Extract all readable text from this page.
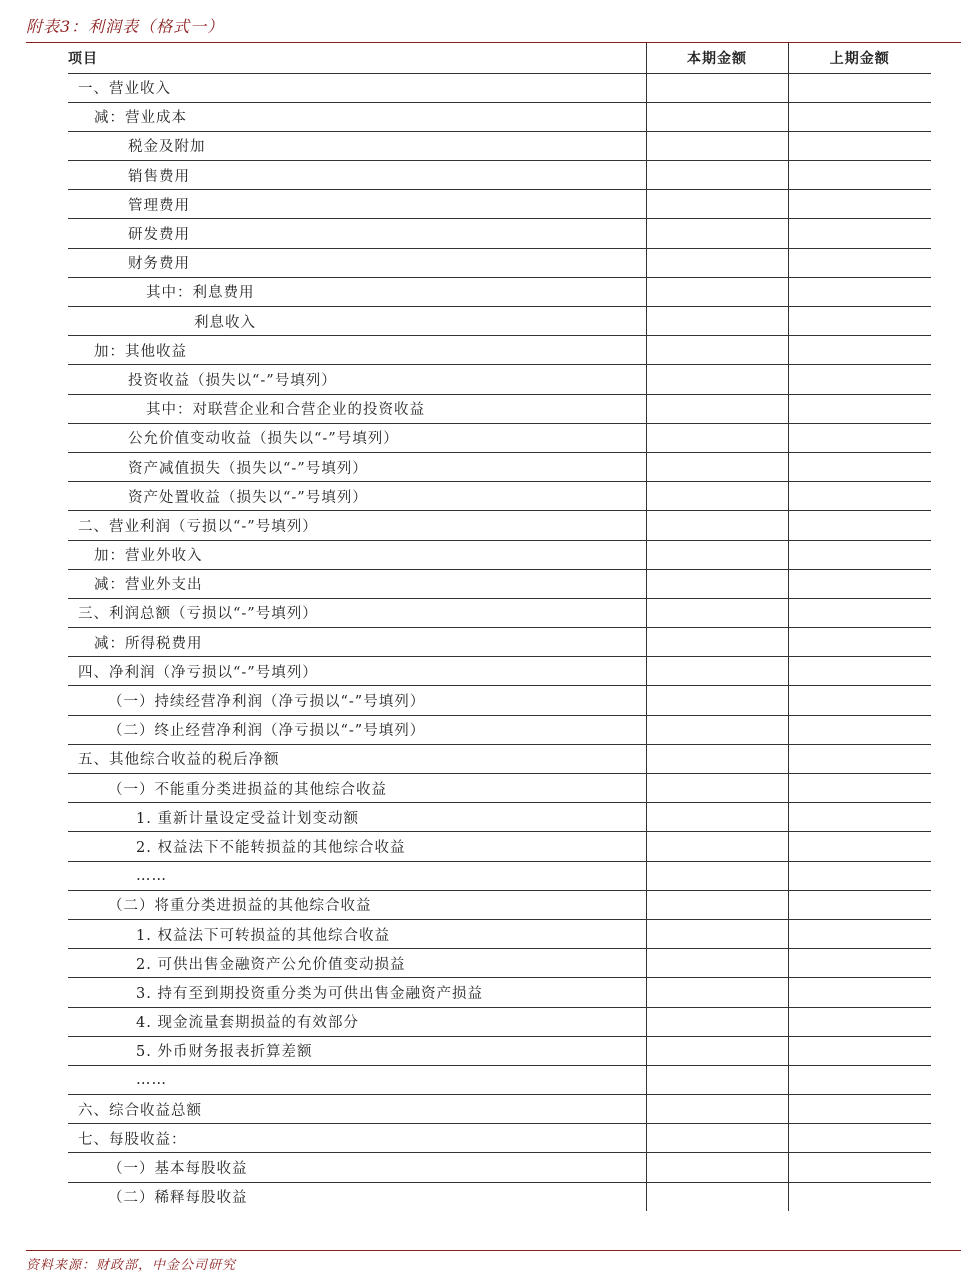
附表3：利润表（格式一）
项目	本期金额	上期金额
一、营业收入		
减：营业成本		
税金及附加		
销售费用		
管理费用		
研发费用		
财务费用		
其中：利息费用		
利息收入		
加：其他收益		
投资收益（损失以“-”号填列）		
其中：对联营企业和合营企业的投资收益		
公允价值变动收益（损失以“-”号填列）		
资产减值损失（损失以“-”号填列）		
资产处置收益（损失以“-”号填列）		
二、营业利润（亏损以“-”号填列）		
加：营业外收入		
减：营业外支出		
三、利润总额（亏损以“-”号填列）		
减：所得税费用		
四、净利润（净亏损以“-”号填列）		
（一）持续经营净利润（净亏损以“-”号填列）		
（二）终止经营净利润（净亏损以“-”号填列）		
五、其他综合收益的税后净额		
（一）不能重分类进损益的其他综合收益		
1. 重新计量设定受益计划变动额		
2. 权益法下不能转损益的其他综合收益		
……		
（二）将重分类进损益的其他综合收益		
1. 权益法下可转损益的其他综合收益		
2. 可供出售金融资产公允价值变动损益		
3. 持有至到期投资重分类为可供出售金融资产损益		
4. 现金流量套期损益的有效部分		
5. 外币财务报表折算差额		
……		
六、综合收益总额		
七、每股收益：		
（一）基本每股收益		
（二）稀释每股收益		
资料来源：财政部，中金公司研究
